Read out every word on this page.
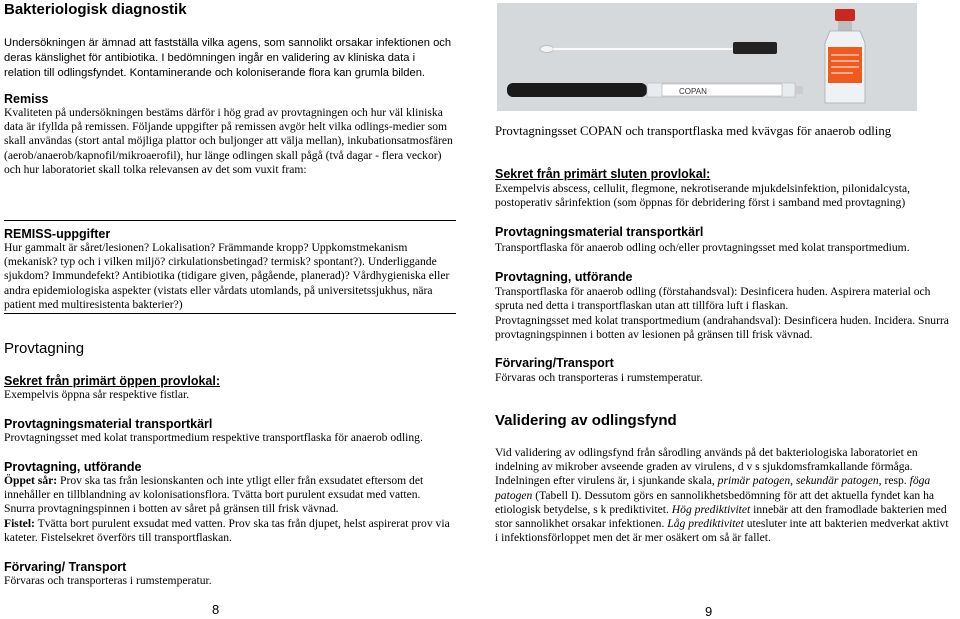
Bakteriologisk diagnostik

Undersökningen är ämnad att fastställa vilka agens, som sannolikt orsakar infektionen och deras känslighet för antibiotika. I bedömningen ingår en validering av kliniska data i relation till odlingsfyndet. Kontaminerande och koloniserande flora kan grumla bilden.

Remiss

Kvaliteten på undersökningen bestäms därför i hög grad av provtagningen och hur väl kliniska data är ifyllda på remissen. Följande uppgifter på remissen avgör helt vilka odlings-medier som skall användas (stort antal möjliga plattor och buljonger att välja mellan), inkubationsatmosfären (aerob/anaerob/kapnofil/mikroaerofil), hur länge odlingen skall pågå (två dagar - flera veckor) och hur laboratoriet skall tolka relevansen av det som vuxit fram:

REMISS-uppgifter

Hur gammalt är såret/lesionen? Lokalisation? Främmande kropp? Uppkomstmekanism (mekanisk? typ och i vilken miljö? cirkulationsbetingad? termisk? spontant?). Underliggande sjukdom? Immundefekt? Antibiotika (tidigare given, pågående, planerad)? Vårdhygieniska eller andra epidemiologiska aspekter (vistats eller vårdats utomlands, på universitetssjukhus, nära patient med multiresistenta bakterier?)

Provtagning
Sekret från primärt öppen provlokal:

Exempelvis öppna sår respektive fistlar.

Provtagningsmaterial transportkärl

Provtagningsset med kolat transportmedium respektive transportflaska för anaerob odling.

Provtagning, utförande

Öppet sår: Prov ska tas från lesionskanten och inte ytligt eller från exsudatet eftersom det innehåller en tillblandning av kolonisationsflora. Tvätta bort purulent exsudat med vatten. Snurra provtagningspinnen i botten av såret på gränsen till frisk vävnad.

Fistel: Tvätta bort purulent exsudat med vatten. Prov ska tas från djupet, helst aspirerat prov via kateter. Fistelsekret överförs till transportflaskan.

Förvaring/ Transport

Förvaras och transporteras i rumstemperatur.

8
COPAN
Provtagningsset COPAN och transportflaska med kvävgas för anaerob odling
Sekret från primärt sluten provlokal:

Exempelvis abscess, cellulit, flegmone, nekrotiserande mjukdelsinfektion, pilonidalcysta, postoperativ sårinfektion (som öppnas för debridering först i samband med provtagning)

Provtagningsmaterial transportkärl

Transportflaska för anaerob odling och/eller provtagningsset med kolat transportmedium.

Provtagning, utförande

Transportflaska för anaerob odling (förstahandsval): Desinficera huden. Aspirera material och spruta ned detta i transportflaskan utan att tillföra luft i flaskan.

Provtagningsset med kolat transportmedium (andrahandsval): Desinficera huden. Incidera. Snurra provtagningspinnen i botten av lesionen på gränsen till frisk vävnad.

Förvaring/Transport

Förvaras och transporteras i rumstemperatur.

Validering av odlingsfynd

Vid validering av odlingsfynd från sårodling används på det bakteriologiska laboratoriet en indelning av mikrober avseende graden av virulens, d v s sjukdomsframkallande förmåga. Indelningen efter virulens är, i sjunkande skala, primär patogen, sekundär patogen, resp. föga patogen (Tabell I). Dessutom görs en sannolikhetsbedömning för att det aktuella fyndet kan ha etiologisk betydelse, s k prediktivitet. Hög prediktivitet innebär att den framodlade bakterien med stor sannolikhet orsakar infektionen. Låg prediktivitet utesluter inte att bakterien medverkat aktivt i infektionsförloppet men det är mer osäkert om så är fallet.

9
